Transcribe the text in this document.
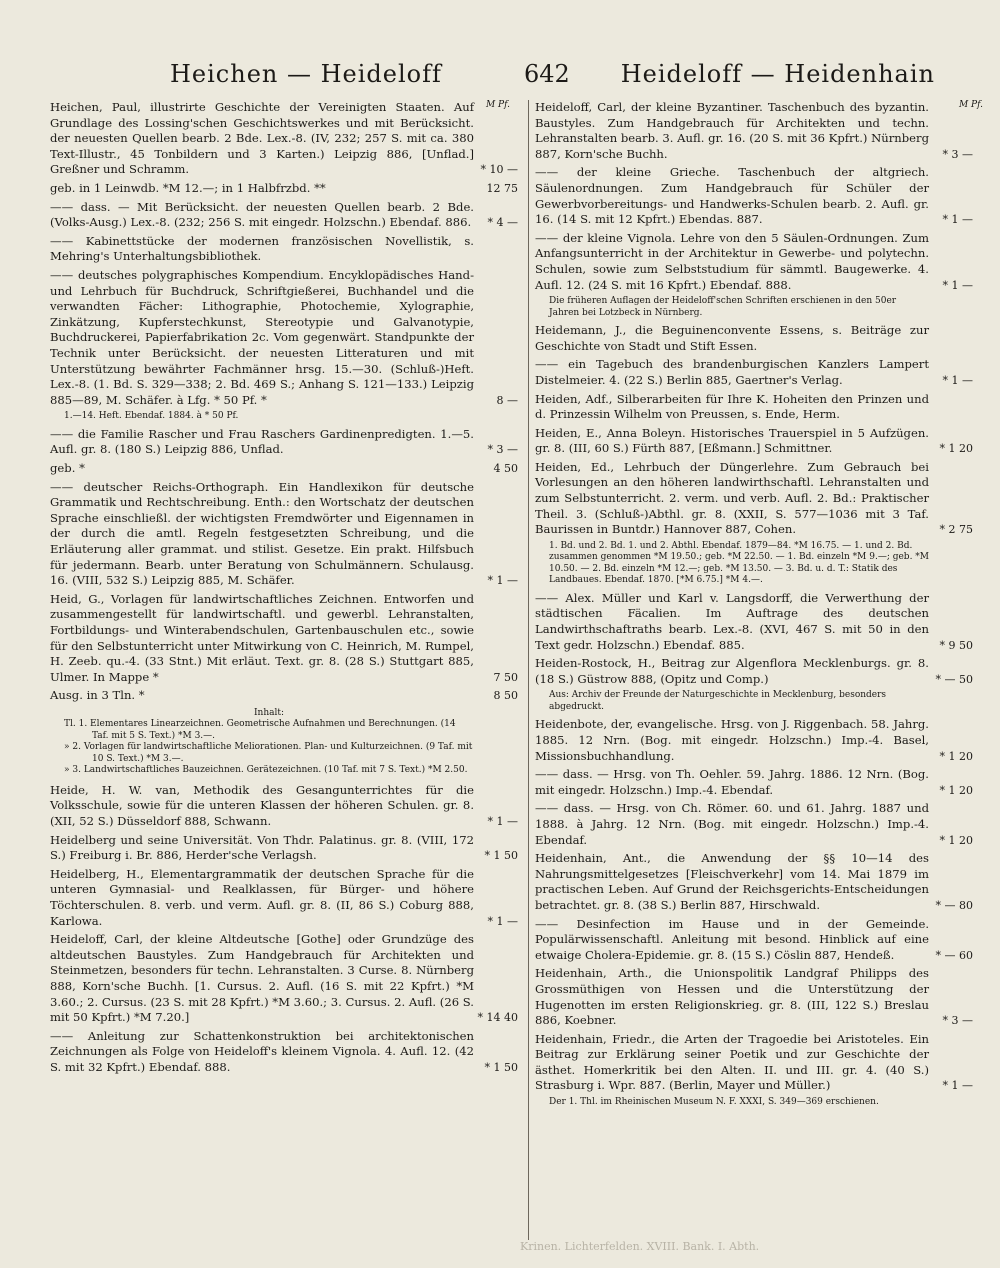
Heichen — Heideloff	642 Heideloff — Heidenhain
M Pf.
Heichen, Paul, illustrirte Geschichte der Vereinigten Staaten. Auf Grundlage des Lossing'schen Geschichtswerkes und mit Berücksicht. der neuesten Quellen bearb. 2 Bde. Lex.-8. (IV, 232; 257 S. mit ca. 380 Text-Illustr., 45 Tonbildern und 3 Karten.) Leipzig 886, [Unflad.] Greßner und Schramm.	* 10 —
geb. in 1 Leinwdb. *M 12.—; in 1 Halbfrzbd. **	12 75
—— dass. — Mit Berücksicht. der neuesten Quellen bearb. 2 Bde. (Volks-Ausg.) Lex.-8. (232; 256 S. mit eingedr. Holzschn.) Ebendaf. 886.	* 4 —
—— Kabinettstücke der modernen französischen Novellistik, s. Mehring's Unterhaltungsbibliothek.
—— deutsches polygraphisches Kompendium. Encyklopädisches Hand- und Lehrbuch für Buchdruck, Schriftgießerei, Buchhandel und die verwandten Fächer: Lithographie, Photochemie, Xylographie, Zinkätzung, Kupferstechkunst, Stereotypie und Galvanotypie, Buchdruckerei, Papierfabrikation 2c. Vom gegenwärt. Standpunkte der Technik unter Berücksicht. der neuesten Litteraturen und mit Unterstützung bewährter Fachmänner hrsg. 15.—30. (Schluß-)Heft. Lex.-8. (1. Bd. S. 329—338; 2. Bd. 469 S.; Anhang S. 121—133.) Leipzig 885—89, M. Schäfer. à Lfg. * 50 Pf. *	8 —
1.—14. Heft. Ebendaf. 1884. à * 50 Pf.
—— die Familie Rascher und Frau Raschers Gardinenpredigten. 1.—5. Aufl. gr. 8. (180 S.) Leipzig 886, Unflad.	* 3 —
geb. *	4 50
—— deutscher Reichs-Orthograph. Ein Handlexikon für deutsche Grammatik und Rechtschreibung. Enth.: den Wortschatz der deutschen Sprache einschließl. der wichtigsten Fremdwörter und Eigennamen in der durch die amtl. Regeln festgesetzten Schreibung, und die Erläuterung aller grammat. und stilist. Gesetze. Ein prakt. Hilfsbuch für jedermann. Bearb. unter Beratung von Schulmännern. Schulausg. 16. (VIII, 532 S.) Leipzig 885, M. Schäfer.	* 1 —
Heid, G., Vorlagen für landwirtschaftliches Zeichnen. Entworfen und zusammengestellt für landwirtschaftl. und gewerbl. Lehranstalten, Fortbildungs- und Winterabendschulen, Gartenbauschulen etc., sowie für den Selbstunterricht unter Mitwirkung von C. Heinrich, M. Rumpel, H. Zeeb. qu.-4. (33 Stnt.) Mit erläut. Text. gr. 8. (28 S.) Stuttgart 885, Ulmer. In Mappe *	7 50
Ausg. in 3 Tln. *	8 50
Inhalt:
Tl. 1. Elementares Linearzeichnen. Geometrische Aufnahmen und Berechnungen. (14 Taf. mit 5 S. Text.) *M 3.—.
» 2. Vorlagen für landwirtschaftliche Meliorationen. Plan- und Kulturzeichnen. (9 Taf. mit 10 S. Text.) *M 3.—.
» 3. Landwirtschaftliches Bauzeichnen. Gerätezeichnen. (10 Taf. mit 7 S. Text.) *M 2.50.
Heide, H. W. van, Methodik des Gesangunterrichtes für die Volksschule, sowie für die unteren Klassen der höheren Schulen. gr. 8. (XII, 52 S.) Düsseldorf 888, Schwann.	* 1 —
Heidelberg und seine Universität. Von Thdr. Palatinus. gr. 8. (VIII, 172 S.) Freiburg i. Br. 886, Herder'sche Verlagsh.	* 1 50
Heidelberg, H., Elementargrammatik der deutschen Sprache für die unteren Gymnasial- und Realklassen, für Bürger- und höhere Töchterschulen. 8. verb. und verm. Aufl. gr. 8. (II, 86 S.) Coburg 888, Karlowa.	* 1 —
Heideloff, Carl, der kleine Altdeutsche [Gothe] oder Grundzüge des altdeutschen Baustyles. Zum Handgebrauch für Architekten und Steinmetzen, besonders für techn. Lehranstalten. 3 Curse. 8. Nürnberg 888, Korn'sche Buchh. [1. Cursus. 2. Aufl. (16 S. mit 22 Kpfrt.) *M 3.60.; 2. Cursus. (23 S. mit 28 Kpfrt.) *M 3.60.; 3. Cursus. 2. Aufl. (26 S. mit 50 Kpfrt.) *M 7.20.]	* 14 40
—— Anleitung zur Schattenkonstruktion bei architektonischen Zeichnungen als Folge von Heideloff's kleinem Vignola. 4. Aufl. 12. (42 S. mit 32 Kpfrt.) Ebendaf. 888.	* 1 50
M Pf.
Heideloff, Carl, der kleine Byzantiner. Taschenbuch des byzantin. Baustyles. Zum Handgebrauch für Architekten und techn. Lehranstalten bearb. 3. Aufl. gr. 16. (20 S. mit 36 Kpfrt.) Nürnberg 887, Korn'sche Buchh.	* 3 —
—— der kleine Grieche. Taschenbuch der altgriech. Säulenordnungen. Zum Handgebrauch für Schüler der Gewerbvorbereitungs- und Handwerks-Schulen bearb. 2. Aufl. gr. 16. (14 S. mit 12 Kpfrt.) Ebendas. 887.	* 1 —
—— der kleine Vignola. Lehre von den 5 Säulen-Ordnungen. Zum Anfangsunterricht in der Architektur in Gewerbe- und polytechn. Schulen, sowie zum Selbststudium für sämmtl. Baugewerke. 4. Aufl. 12. (24 S. mit 16 Kpfrt.) Ebendaf. 888.	* 1 —
Die früheren Auflagen der Heideloff'schen Schriften erschienen in den 50er Jahren bei Lotzbeck in Nürnberg.
Heidemann, J., die Beguinenconvente Essens, s. Beiträge zur Geschichte von Stadt und Stift Essen.
—— ein Tagebuch des brandenburgischen Kanzlers Lampert Distelmeier. 4. (22 S.) Berlin 885, Gaertner's Verlag.	* 1 —
Heiden, Adf., Silberarbeiten für Ihre K. Hoheiten den Prinzen und d. Prinzessin Wilhelm von Preussen, s. Ende, Herm.
Heiden, E., Anna Boleyn. Historisches Trauerspiel in 5 Aufzügen. gr. 8. (III, 60 S.) Fürth 887, [Eßmann.] Schmittner.	* 1 20
Heiden, Ed., Lehrbuch der Düngerlehre. Zum Gebrauch bei Vorlesungen an den höheren landwirthschaftl. Lehranstalten und zum Selbstunterricht. 2. verm. und verb. Aufl. 2. Bd.: Praktischer Theil. 3. (Schluß-)Abthl. gr. 8. (XXII, S. 577—1036 mit 3 Taf. Baurissen in Buntdr.) Hannover 887, Cohen.	* 2 75
1. Bd. und 2. Bd. 1. und 2. Abthl. Ebendaf. 1879—84. *M 16.75. — 1. und 2. Bd. zusammen genommen *M 19.50.; geb. *M 22.50. — 1. Bd. einzeln *M 9.—; geb. *M 10.50. — 2. Bd. einzeln *M 12.—; geb. *M 13.50. — 3. Bd. u. d. T.: Statik des Landbaues. Ebendaf. 1870. [*M 6.75.] *M 4.—.
—— Alex. Müller und Karl v. Langsdorff, die Verwerthung der städtischen Fäcalien. Im Auftrage des deutschen Landwirthschaftraths bearb. Lex.-8. (XVI, 467 S. mit 50 in den Text gedr. Holzschn.) Ebendaf. 885.	* 9 50
Heiden-Rostock, H., Beitrag zur Algenflora Mecklenburgs. gr. 8. (18 S.) Güstrow 888, (Opitz und Comp.)	* — 50
Aus: Archiv der Freunde der Naturgeschichte in Mecklenburg, besonders abgedruckt.
Heidenbote, der, evangelische. Hrsg. von J. Riggenbach. 58. Jahrg. 1885. 12 Nrn. (Bog. mit eingedr. Holzschn.) Imp.-4. Basel, Missionsbuchhandlung.	* 1 20
—— dass. — Hrsg. von Th. Oehler. 59. Jahrg. 1886. 12 Nrn. (Bog. mit eingedr. Holzschn.) Imp.-4. Ebendaf.	* 1 20
—— dass. — Hrsg. von Ch. Römer. 60. und 61. Jahrg. 1887 und 1888. à Jahrg. 12 Nrn. (Bog. mit eingedr. Holzschn.) Imp.-4. Ebendaf.	* 1 20
Heidenhain, Ant., die Anwendung der §§ 10—14 des Nahrungsmittelgesetzes [Fleischverkehr] vom 14. Mai 1879 im practischen Leben. Auf Grund der Reichsgerichts-Entscheidungen betrachtet. gr. 8. (38 S.) Berlin 887, Hirschwald.	* — 80
—— Desinfection im Hause und in der Gemeinde. Populärwissenschaftl. Anleitung mit besond. Hinblick auf eine etwaige Cholera-Epidemie. gr. 8. (15 S.) Cöslin 887, Hendeß.	* — 60
Heidenhain, Arth., die Unionspolitik Landgraf Philipps des Grossmüthigen von Hessen und die Unterstützung der Hugenotten im ersten Religionskrieg. gr. 8. (III, 122 S.) Breslau 886, Koebner.	* 3 —
Heidenhain, Friedr., die Arten der Tragoedie bei Aristoteles. Ein Beitrag zur Erklärung seiner Poetik und zur Geschichte der ästhet. Homerkritik bei den Alten. II. und III. gr. 4. (40 S.) Strasburg i. Wpr. 887. (Berlin, Mayer und Müller.)	* 1 —
Der 1. Thl. im Rheinischen Museum N. F. XXXI, S. 349—369 erschienen.
Krinen. Lichterfelden. XVIII. Bank. I. Abth.
